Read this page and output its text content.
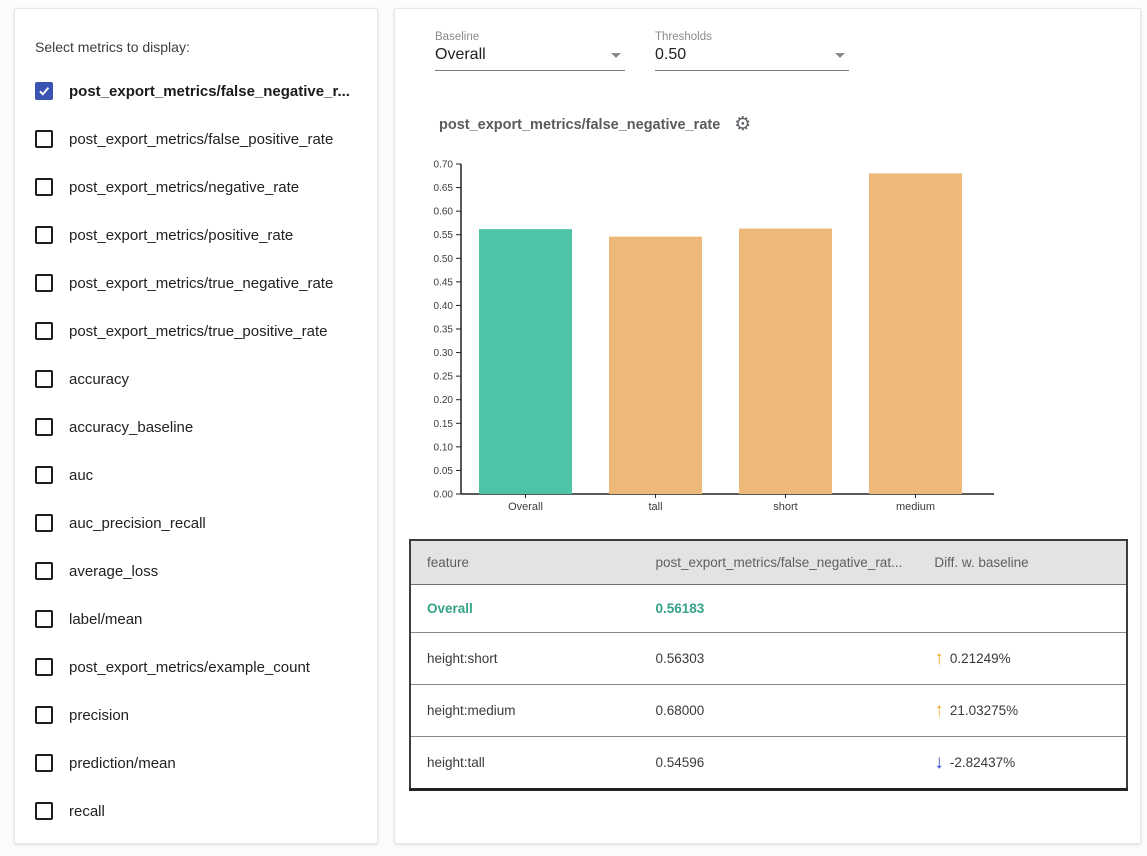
Select metrics to display:
post_export_metrics/false_negative_r...
post_export_metrics/false_positive_rate
post_export_metrics/negative_rate
post_export_metrics/positive_rate
post_export_metrics/true_negative_rate
post_export_metrics/true_positive_rate
accuracy
accuracy_baseline
auc
auc_precision_recall
average_loss
label/mean
post_export_metrics/example_count
precision
prediction/mean
recall
Baseline
Overall
Thresholds
0.50
post_export_metrics/false_negative_rate ⚙
0.00
0.05
0.10
0.15
0.20
0.25
0.30
0.35
0.40
0.45
0.50
0.55
0.60
0.65
0.70
Overall	tall	short	medium
feature	post_export_metrics/false_negative_rat...	Diff. w. baseline
Overall	0.56183	
height:short	0.56303	↑ 0.21249%

height:medium	0.68000	↑ 21.03275%

height:tall	0.54596	↓ -2.82437%
